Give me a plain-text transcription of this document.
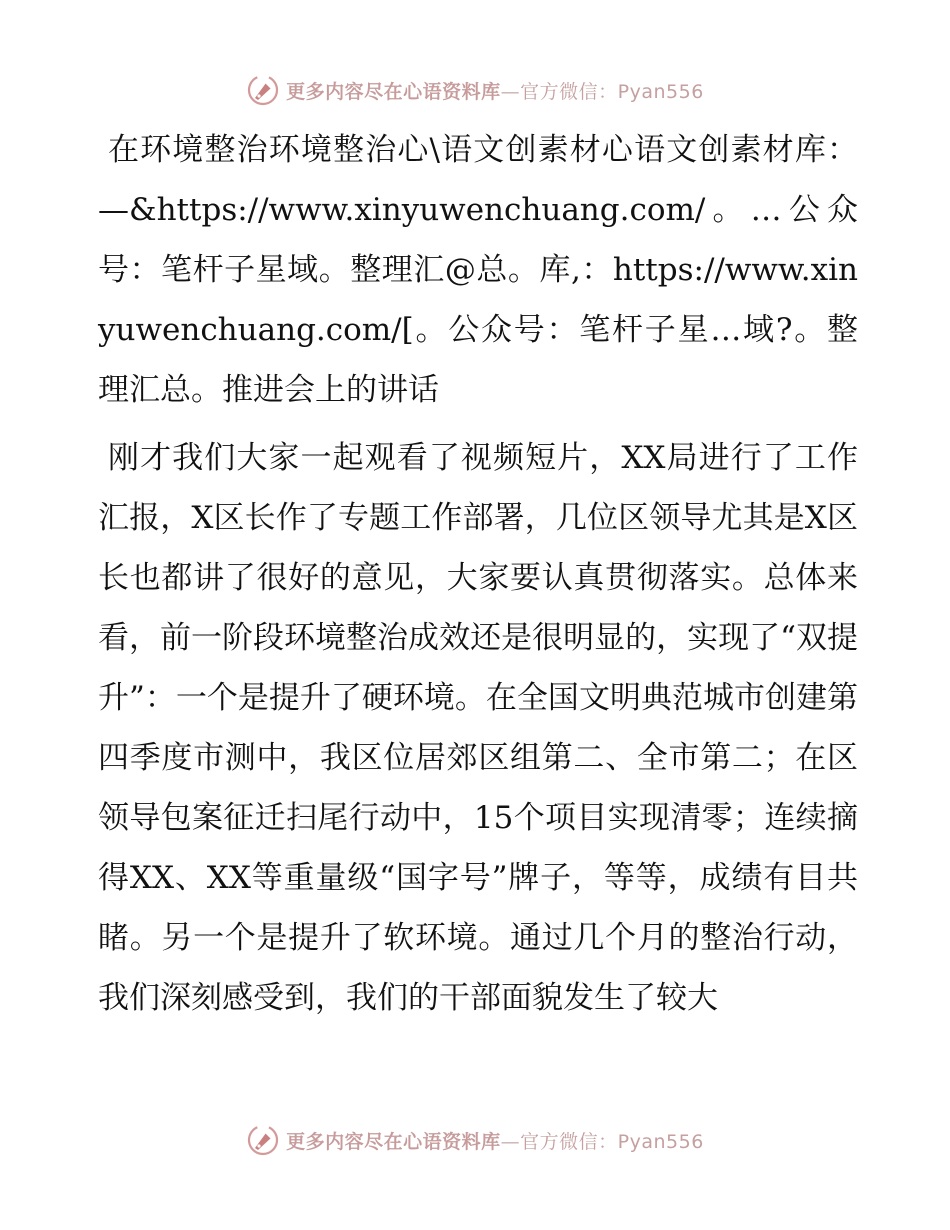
更多内容尽在心语资料库—官方微信：Pyan556

在环境整治环境整治心\语文创素材心语文创素材库：—&https://www.xinyuwenchuang.com/。…公众号：笔杆子星域。整理汇@总。库,：https://www.xinyuwenchuang.com/[。公众号：笔杆子星…域?。整理汇总。推进会上的讲话

刚才我们大家一起观看了视频短片，XX局进行了工作汇报，X区长作了专题工作部署，几位区领导尤其是X区长也都讲了很好的意见，大家要认真贯彻落实。总体来看，前一阶段环境整治成效还是很明显的，实现了“双提升”：一个是提升了硬环境。在全国文明典范城市创建第四季度市测中，我区位居郊区组第二、全市第二；在区领导包案征迁扫尾行动中，15个项目实现清零；连续摘得XX、XX等重量级“国字号”牌子，等等，成绩有目共睹。另一个是提升了软环境。通过几个月的整治行动，我们深刻感受到，我们的干部面貌发生了较大

更多内容尽在心语资料库—官方微信：Pyan556
